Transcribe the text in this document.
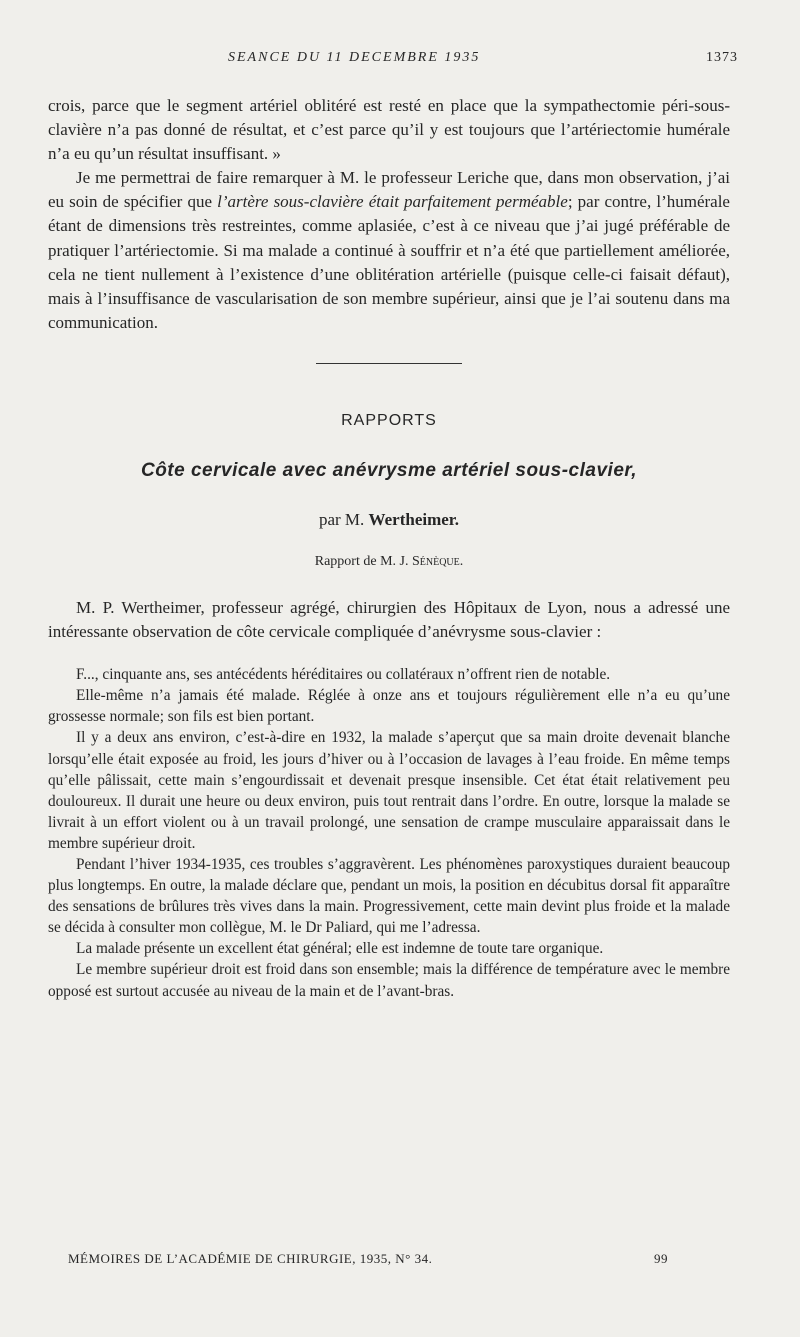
SEANCE DU 11 DECEMBRE 1935	1373

crois, parce que le segment artériel oblitéré est resté en place que la sympathectomie péri-sous-clavière n’a pas donné de résultat, et c’est parce qu’il y est toujours que l’artériectomie humérale n’a eu qu’un résultat insuffisant. »

Je me permettrai de faire remarquer à M. le professeur Leriche que, dans mon observation, j’ai eu soin de spécifier que l’artère sous-clavière était parfaitement perméable; par contre, l’humérale étant de dimensions très restreintes, comme aplasiée, c’est à ce niveau que j’ai jugé préférable de pratiquer l’artériectomie. Si ma malade a continué à souffrir et n’a été que partiellement améliorée, cela ne tient nullement à l’existence d’une oblitération artérielle (puisque celle-ci faisait défaut), mais à l’insuffisance de vascularisation de son membre supérieur, ainsi que je l’ai soutenu dans ma communication.

RAPPORTS
Côte cervicale avec anévrysme artériel sous-clavier,
par M. Wertheimer.
Rapport de M. J. Sénèque.

M. P. Wertheimer, professeur agrégé, chirurgien des Hôpitaux de Lyon, nous a adressé une intéressante observation de côte cervicale compliquée d’anévrysme sous-clavier :

F..., cinquante ans, ses antécédents héréditaires ou collatéraux n’offrent rien de notable.

Elle-même n’a jamais été malade. Réglée à onze ans et toujours régulièrement elle n’a eu qu’une grossesse normale; son fils est bien portant.

Il y a deux ans environ, c’est-à-dire en 1932, la malade s’aperçut que sa main droite devenait blanche lorsqu’elle était exposée au froid, les jours d’hiver ou à l’occasion de lavages à l’eau froide. En même temps qu’elle pâlissait, cette main s’engourdissait et devenait presque insensible. Cet état était relativement peu douloureux. Il durait une heure ou deux environ, puis tout rentrait dans l’ordre. En outre, lorsque la malade se livrait à un effort violent ou à un travail prolongé, une sensation de crampe musculaire apparaissait dans le membre supérieur droit.

Pendant l’hiver 1934-1935, ces troubles s’aggravèrent. Les phénomènes paroxystiques duraient beaucoup plus longtemps. En outre, la malade déclare que, pendant un mois, la position en décubitus dorsal fit apparaître des sensations de brûlures très vives dans la main. Progressivement, cette main devint plus froide et la malade se décida à consulter mon collègue, M. le Dr Paliard, qui me l’adressa.

La malade présente un excellent état général; elle est indemne de toute tare organique.

Le membre supérieur droit est froid dans son ensemble; mais la différence de température avec le membre opposé est surtout accusée au niveau de la main et de l’avant-bras.

MÉMOIRES DE L’ACADÉMIE DE CHIRURGIE, 1935, N° 34.	99
